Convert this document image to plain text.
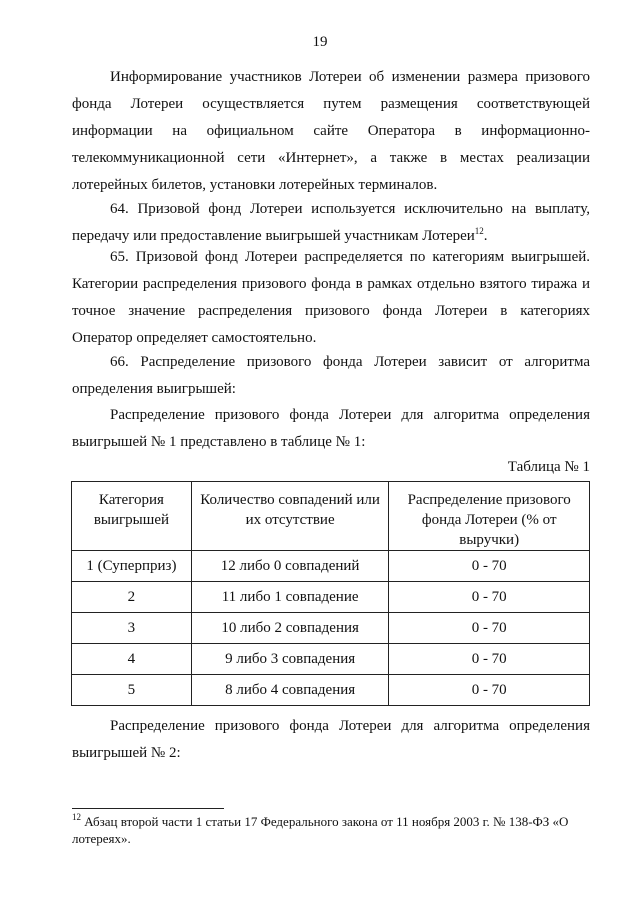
19

Информирование участников Лотереи об изменении размера призового фонда Лотереи осуществляется путем размещения соответствующей информации на официальном сайте Оператора в информационно-телекоммуникационной сети «Интернет», а также в местах реализации лотерейных билетов, установки лотерейных терминалов.

64. Призовой фонд Лотереи используется исключительно на выплату, передачу или предоставление выигрышей участникам Лотереи$^{12}$.

65. Призовой фонд Лотереи распределяется по категориям выигрышей. Категории распределения призового фонда в рамках отдельно взятого тиража и точное значение распределения призового фонда Лотереи в категориях Оператор определяет самостоятельно.

66. Распределение призового фонда Лотереи зависит от алгоритма определения выигрышей:

Распределение призового фонда Лотереи для алгоритма определения выигрышей № 1 представлено в таблице № 1:

Таблица № 1
Категория выигрышей	Количество совпадений или их отсутствие	Распределение призового фонда Лотереи (% от выручки)
1 (Суперприз)	12 либо 0 совпадений	0 - 70
2	11 либо 1 совпадение	0 - 70
3	10 либо 2 совпадения	0 - 70
4	9 либо 3 совпадения	0 - 70
5	8 либо 4 совпадения	0 - 70

Распределение призового фонда Лотереи для алгоритма определения выигрышей № 2:

$^{12}$ Абзац второй части 1 статьи 17 Федерального закона от 11 ноября 2003 г. № 138-ФЗ «О лотереях».
